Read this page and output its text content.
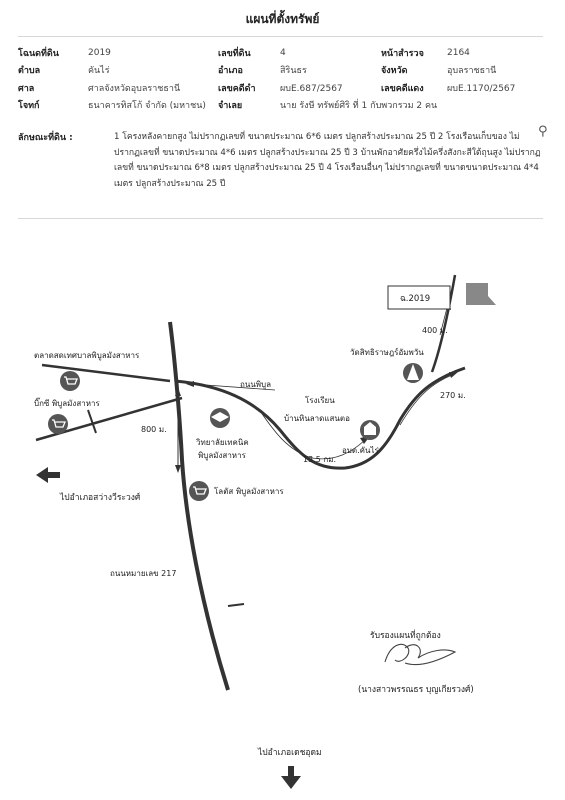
แผนที่ตั้งทรัพย์
โฉนดที่ดิน	2019	เลขที่ดิน	4	หน้าสำรวจ	2164
ตำบล	คันไร่	อำเภอ	สิรินธร	จังหวัด	อุบลราชธานี
ศาล	ศาลจังหวัดอุบลราชธานี	เลขคดีดำ	ผบE.687/2567	เลขคดีแดง	ผบE.1170/2567
โจทก์	ธนาคารทิสโก้ จำกัด (มหาชน)	จำเลย	นาย รังษี ทรัพย์ศิริ ที่ 1 กับพวกรวม 2 คน
ลักษณะที่ดิน :	1 โครงหลังคายกสูง ไม่ปรากฏเลขที่ ขนาดประมาณ 6*6 เมตร ปลูกสร้างประมาณ 25 ปี 2 โรงเรือนเก็บของ ไม่ปรากฏเลขที่ ขนาดประมาณ 4*6 เมตร ปลูกสร้างประมาณ 25 ปี 3 บ้านพักอาศัยครึ่งไม้ครึ่งสังกะสีใต้ถุนสูง ไม่ปรากฏเลขที่ ขนาดประมาณ 6*8 เมตร ปลูกสร้างประมาณ 25 ปี 4 โรงเรือนอื่นๆ ไม่ปรากฏเลขที่ ขนาดขนาดประมาณ 4*4 เมตร ปลูกสร้างประมาณ 25 ปี
⚲
ฉ.2019
วัดสิทธิราษฎร์อัมพวัน
400 ม.
270 ม.
ตลาดสดเทศบาลพิบูลมังสาหาร
บิ๊กซี พิบูลมังสาหาร
ถนนพิบูล
โรงเรียน
บ้านหินลาดแสนตอ
วิทยาลัยเทคนิค
พิบูลมังสาหาร
800 ม.
อบต.คันไร่
13.5 กม.
ไปอำเภอสว่างวีระวงศ์
โลตัส พิบูลมังสาหาร
ถนนหมายเลข 217
รับรองแผนที่ถูกต้อง
(นางสาวพรรณธร บุญเกียรวงศ์)
ไปอำเภอเดชอุดม
